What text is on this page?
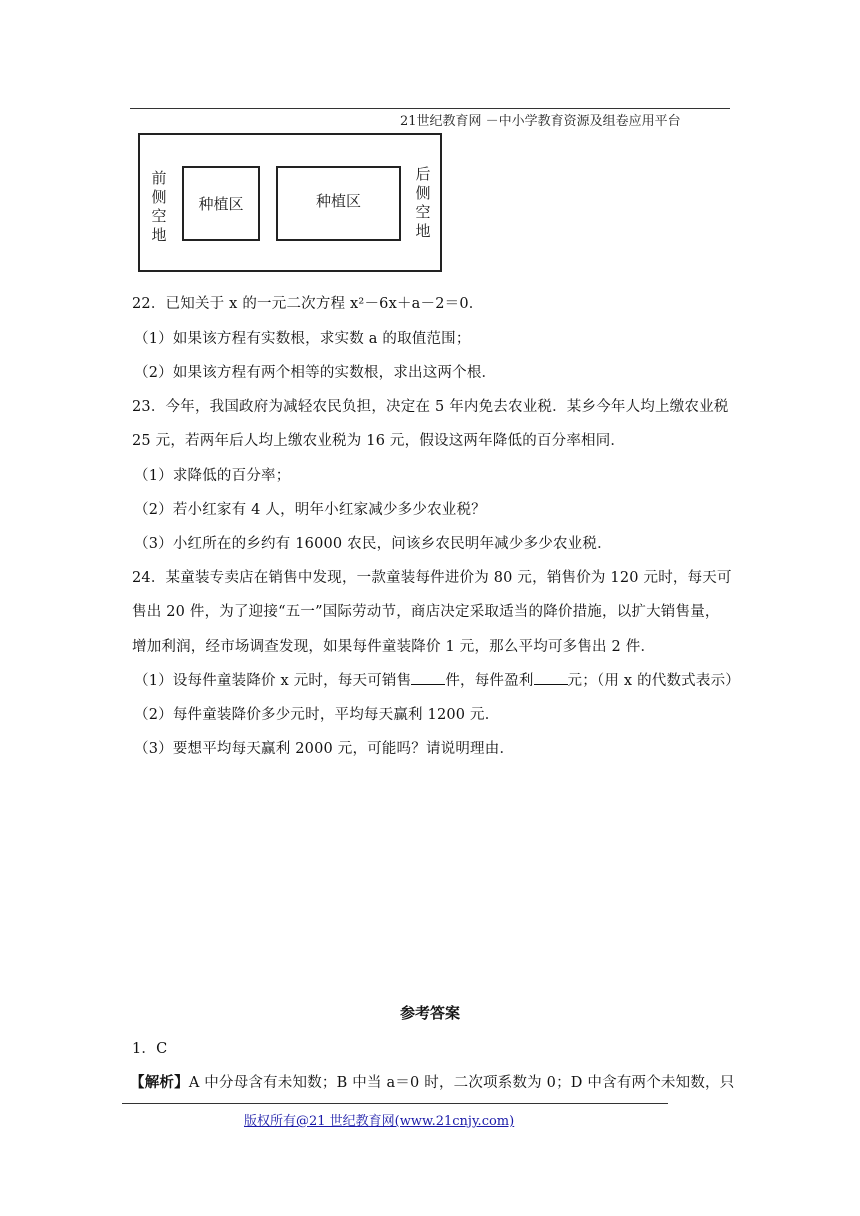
21世纪教育网 －中小学教育资源及组卷应用平台
前
侧
空
地
种植区	种植区
后
侧
空
地
22．已知关于 x 的一元二次方程 x²－6x＋a－2＝0．
（1）如果该方程有实数根，求实数 a 的取值范围；
（2）如果该方程有两个相等的实数根，求出这两个根．
23．今年，我国政府为减轻农民负担，决定在 5 年内免去农业税．某乡今年人均上缴农业税
25 元，若两年后人均上缴农业税为 16 元，假设这两年降低的百分率相同．
（1）求降低的百分率；
（2）若小红家有 4 人，明年小红家减少多少农业税？
（3）小红所在的乡约有 16000 农民，问该乡农民明年减少多少农业税．
24．某童装专卖店在销售中发现，一款童装每件进价为 80 元，销售价为 120 元时，每天可
售出 20 件，为了迎接“五一”国际劳动节，商店决定采取适当的降价措施，以扩大销售量，
增加利润，经市场调查发现，如果每件童装降价 1 元，那么平均可多售出 2 件．
（1）设每件童装降价 x 元时，每天可销售 件，每件盈利 元；（用 x 的代数式表示）
（2）每件童装降价多少元时，平均每天赢利 1200 元．
（3）要想平均每天赢利 2000 元，可能吗？请说明理由．
参考答案
1．C
【解析】A 中分母含有未知数；B 中当 a＝0 时，二次项系数为 0；D 中含有两个未知数，只
版权所有@21 世纪教育网(www.21cnjy.com)
